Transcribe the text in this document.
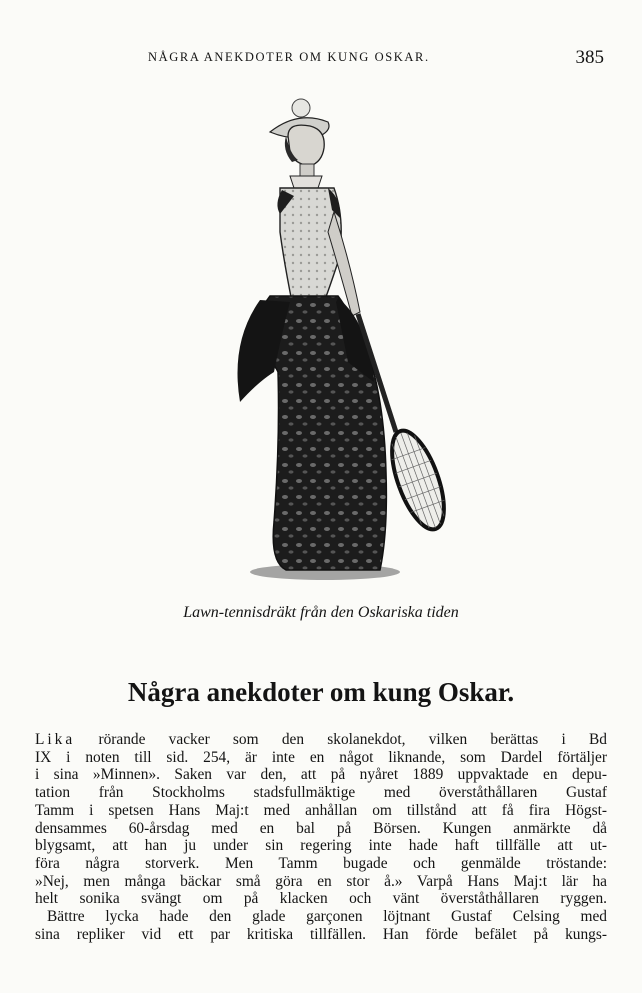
NÅGRA ANEKDOTER OM KUNG OSKAR.	385
Lawn-tennisdräkt från den Oskariska tiden
Några anekdoter om kung Oskar.
Lika rörande vacker som den skolanekdot, vilken berättas i Bd
IX i noten till sid. 254, är inte en något liknande, som Dardel förtäljer
i sina »Minnen». Saken var den, att på nyåret 1889 uppvaktade en depu-
tation från Stockholms stadsfullmäktige med överståthållaren Gustaf
Tamm i spetsen Hans Maj:t med anhållan om tillstånd att få fira Högst-
densammes 60-årsdag med en bal på Börsen. Kungen anmärkte då
blygsamt, att han ju under sin regering inte hade haft tillfälle att ut-
föra några storverk. Men Tamm bugade och genmälde tröstande:
»Nej, men många bäckar små göra en stor å.» Varpå Hans Maj:t lär ha
helt sonika svängt om på klacken och vänt överståthållaren ryggen.
Bättre lycka hade den glade garçonen löjtnant Gustaf Celsing med
sina repliker vid ett par kritiska tillfällen. Han förde befälet på kungs-
